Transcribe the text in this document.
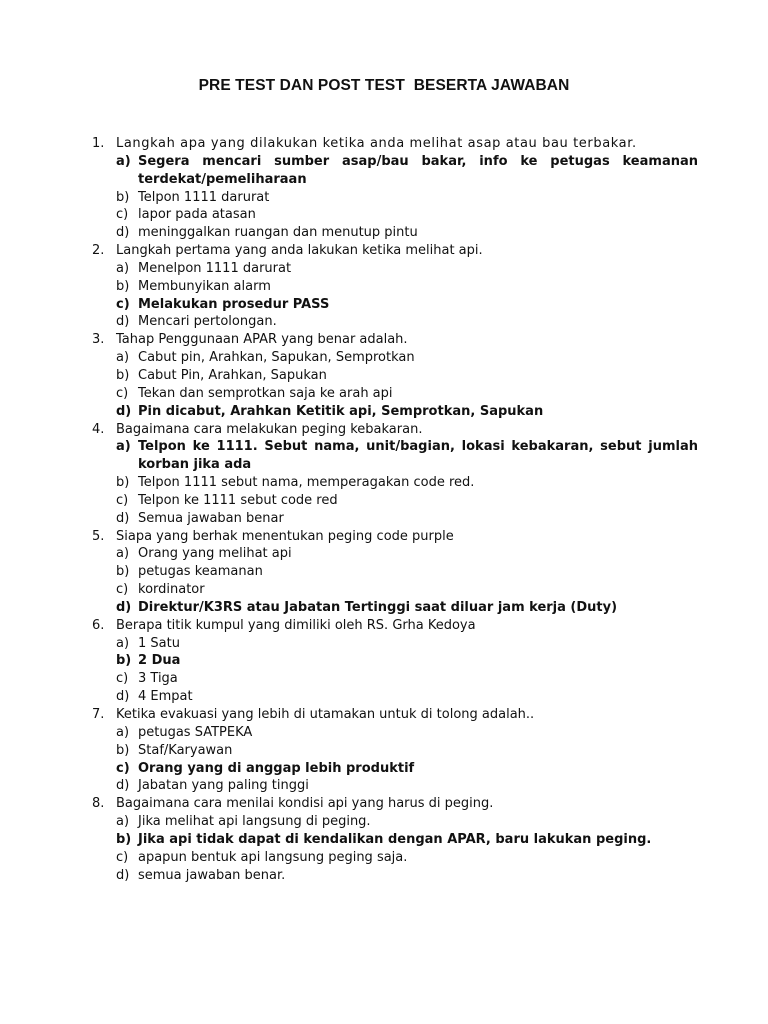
PRE TEST DAN POST TEST  BESERTA JAWABAN
1. Langkah apa yang dilakukan ketika anda melihat asap atau bau terbakar.
a) Segera mencari sumber asap/bau bakar, info ke petugas keamanan terdekat/pemeliharaan
b) Telpon 1111 darurat
c) lapor pada atasan
d) meninggalkan ruangan dan menutup pintu
2. Langkah pertama yang anda lakukan ketika melihat api.
a) Menelpon 1111 darurat
b) Membunyikan alarm
c) Melakukan prosedur PASS
d) Mencari pertolongan.
3. Tahap Penggunaan APAR yang benar adalah.
a) Cabut pin, Arahkan, Sapukan, Semprotkan
b) Cabut Pin, Arahkan, Sapukan
c) Tekan dan semprotkan saja ke arah api
d) Pin dicabut, Arahkan Ketitik api, Semprotkan, Sapukan
4. Bagaimana cara melakukan peging kebakaran.
a) Telpon ke 1111. Sebut nama, unit/bagian, lokasi kebakaran, sebut jumlah korban jika ada
b) Telpon 1111 sebut nama, memperagakan code red.
c) Telpon ke 1111 sebut code red
d) Semua jawaban benar
5. Siapa yang berhak menentukan peging code purple
a) Orang yang melihat api
b) petugas keamanan
c) kordinator
d) Direktur/K3RS atau Jabatan Tertinggi saat diluar jam kerja (Duty)
6. Berapa titik kumpul yang dimiliki oleh RS. Grha Kedoya
a) 1 Satu
b) 2 Dua
c) 3 Tiga
d) 4 Empat
7. Ketika evakuasi yang lebih di utamakan untuk di tolong adalah..
a) petugas SATPEKA
b) Staf/Karyawan
c) Orang yang di anggap lebih produktif
d) Jabatan yang paling tinggi
8. Bagaimana cara menilai kondisi api yang harus di peging.
a) Jika melihat api langsung di peging.
b) Jika api tidak dapat di kendalikan dengan APAR, baru lakukan peging.
c) apapun bentuk api langsung peging saja.
d) semua jawaban benar.
